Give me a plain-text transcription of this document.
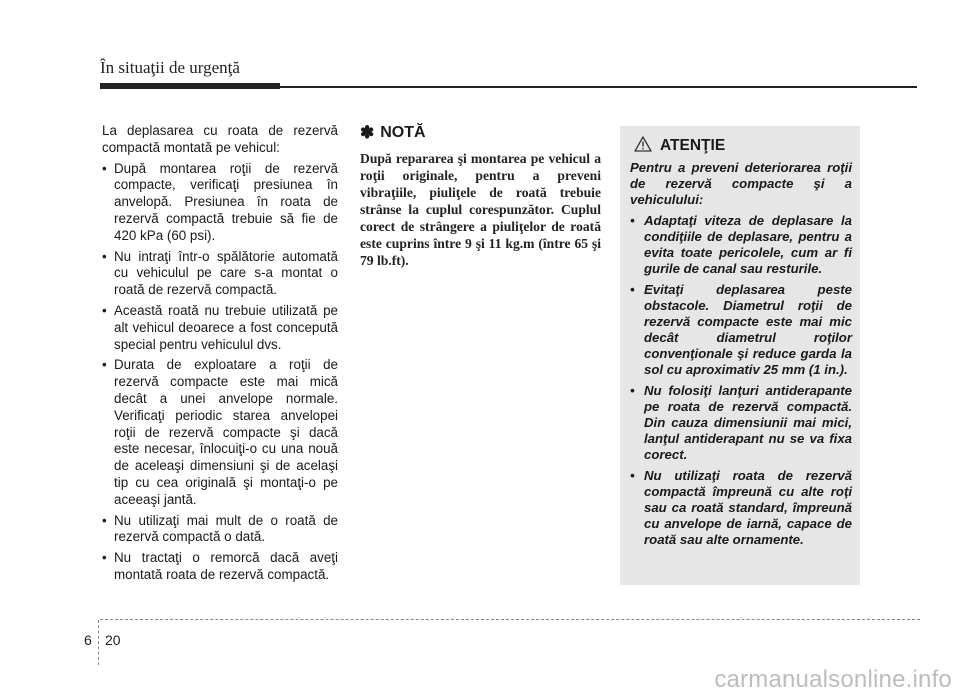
În situaţii de urgenţă

La deplasarea cu roata de rezervă compactă montată pe vehicul:

• După montarea roţii de rezervă compacte, verificaţi presiunea în anvelopă. Presiunea în roata de rezervă compactă trebuie să fie de 420 kPa (60 psi).
• Nu intraţi într-o spălătorie automată cu vehiculul pe care s-a montat o roată de rezervă compactă.
• Această roată nu trebuie utilizată pe alt vehicul deoarece a fost concepută special pentru vehiculul dvs.
• Durata de exploatare a roţii de rezervă compacte este mai mică decât a unei anvelope normale. Verificaţi periodic starea anvelopei roţii de rezervă compacte şi dacă este necesar, înlocuiţi-o cu una nouă de aceleaşi dimensiuni şi de acelaşi tip cu cea originală şi montaţi-o pe aceeaşi jantă.
• Nu utilizaţi mai mult de o roată de rezervă compactă o dată.
• Nu tractaţi o remorcă dacă aveţi montată roata de rezervă compactă.
✽ NOTĂ

După repararea şi montarea pe vehicul a roţii originale, pentru a preveni vibraţiile, piuliţele de roată trebuie strânse la cuplul corespunzător. Cuplul corect de strângere a piuliţelor de roată este cuprins între 9 şi 11 kg.m (între 65 şi 79 lb.ft).

ATENŢIE

Pentru a preveni deteriorarea roţii de rezervă compacte şi a vehiculului:

• Adaptaţi viteza de deplasare la condiţiile de deplasare, pentru a evita toate pericolele, cum ar fi gurile de canal sau resturile.
• Evitaţi deplasarea peste obstacole. Diametrul roţii de rezervă compacte este mai mic decât diametrul roţilor convenţionale şi reduce garda la sol cu aproximativ 25 mm (1 in.).
• Nu folosiţi lanţuri antiderapante pe roata de rezervă compactă. Din cauza dimensiunii mai mici, lanţul antiderapant nu se va fixa corect.
• Nu utilizaţi roata de rezervă compactă împreună cu alte roţi sau ca roată standard, împreună cu anvelope de iarnă, capace de roată sau alte ornamente.
6 20
carmanualsonline.info
